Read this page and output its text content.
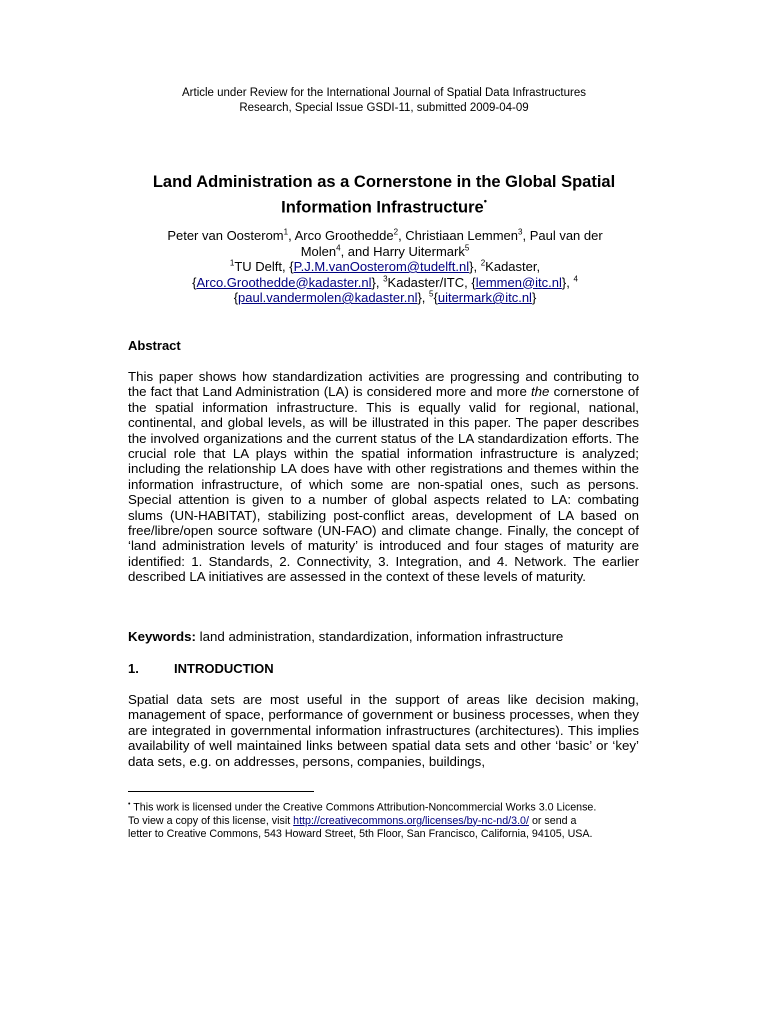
Article under Review for the International Journal of Spatial Data Infrastructures
Research, Special Issue GSDI-11, submitted 2009-04-09
Land Administration as a Cornerstone in the Global Spatial
Information Infrastructure•
Peter van Oosterom$^1$, Arco Groothedde$^2$, Christiaan Lemmen$^3$, Paul van der
Molen$^4$, and Harry Uitermark$^5$
$^1$TU Delft, {P.J.M.vanOosterom@tudelft.nl}, $^2$Kadaster,
{Arco.Groothedde@kadaster.nl}, $^3$Kadaster/ITC, {lemmen@itc.nl}, $^4$
{paul.vandermolen@kadaster.nl}, $^5${uitermark@itc.nl}
Abstract
This paper shows how standardization activities are progressing and contributing to the fact that Land Administration (LA) is considered more and more the cornerstone of the spatial information infrastructure. This is equally valid for regional, national, continental, and global levels, as will be illustrated in this paper. The paper describes the involved organizations and the current status of the LA standardization efforts. The crucial role that LA plays within the spatial information infrastructure is analyzed; including the relationship LA does have with other registrations and themes within the information infrastructure, of which some are non-spatial ones, such as persons. Special attention is given to a number of global aspects related to LA: combating slums (UN-HABITAT), stabilizing post-conflict areas, development of LA based on free/libre/open source software (UN-FAO) and climate change. Finally, the concept of ‘land administration levels of maturity’ is introduced and four stages of maturity are identified: 1. Standards, 2. Connectivity, 3. Integration, and 4. Network. The earlier described LA initiatives are assessed in the context of these levels of maturity.
Keywords: land administration, standardization, information infrastructure
1.	INTRODUCTION
Spatial data sets are most useful in the support of areas like decision making, management of space, performance of government or business processes, when they are integrated in governmental information infrastructures (architectures). This implies availability of well maintained links between spatial data sets and other ‘basic’ or ‘key’ data sets, e.g. on addresses, persons, companies, buildings,
• This work is licensed under the Creative Commons Attribution-Noncommercial Works 3.0 License.
To view a copy of this license, visit http://creativecommons.org/licenses/by-nc-nd/3.0/ or send a
letter to Creative Commons, 543 Howard Street, 5th Floor, San Francisco, California, 94105, USA.
